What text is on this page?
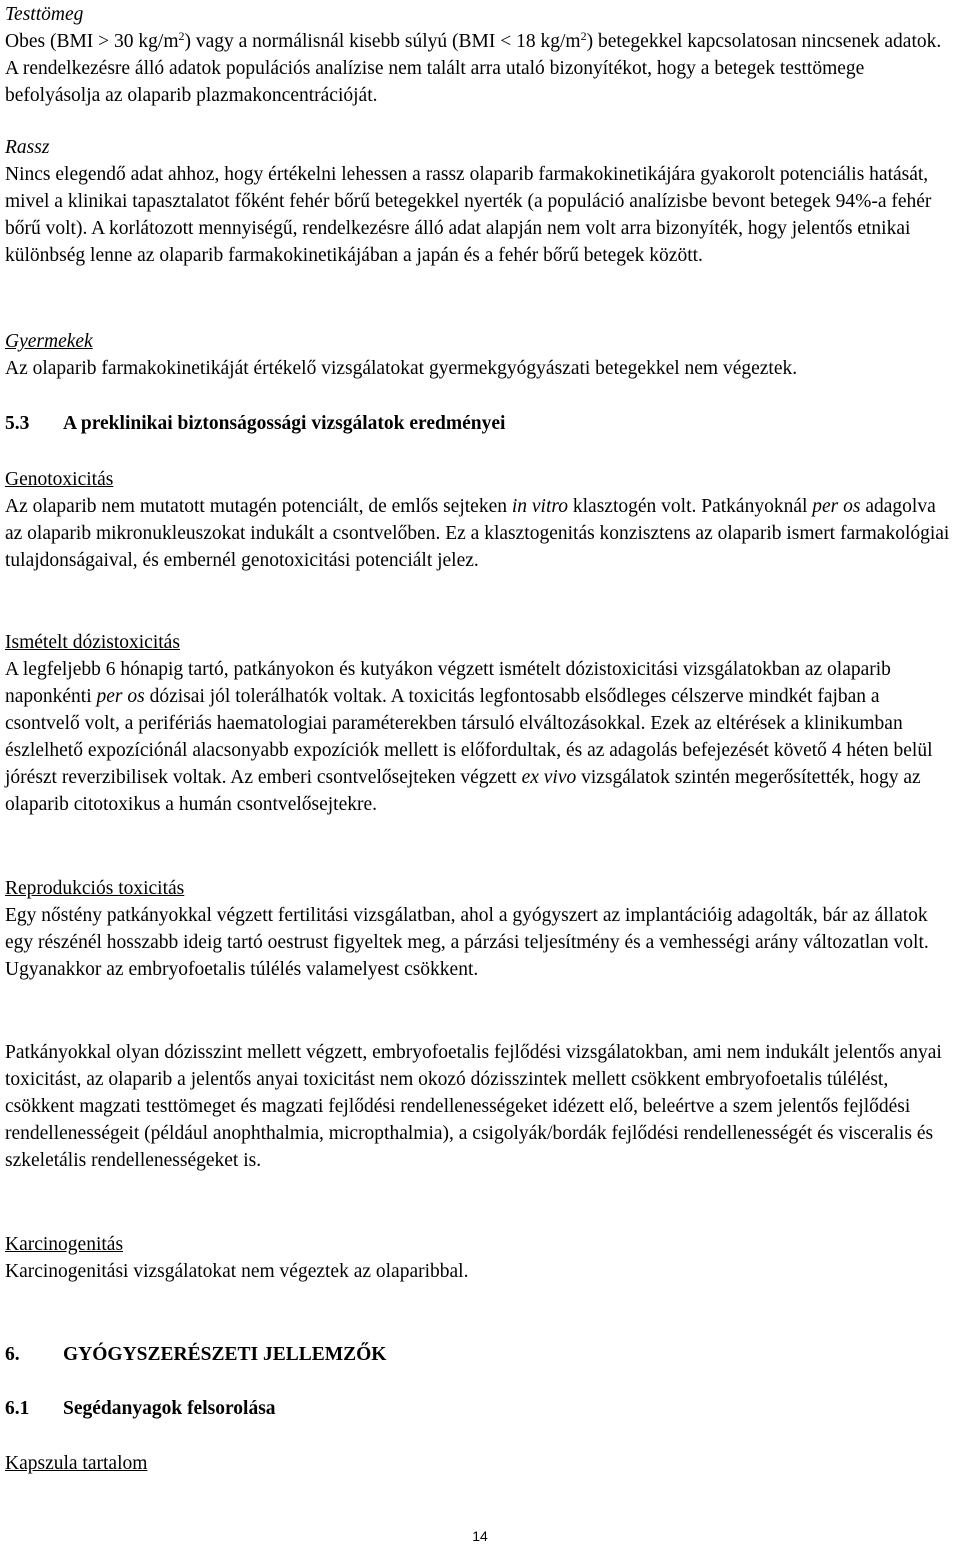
Testtömeg
Obes (BMI > 30 $kg/m^2$) vagy a normálisnál kisebb súlyú (BMI < 18 $kg/m^2$) betegekkel kapcsolatosan nincsenek adatok. A rendelkezésre álló adatok populációs analízise nem talált arra utaló bizonyítékot, hogy a betegek testtömege befolyásolja az olaparib plazmakoncentrációját.
Rassz
Nincs elegendő adat ahhoz, hogy értékelni lehessen a rassz olaparib farmakokinetikájára gyakorolt potenciális hatását, mivel a klinikai tapasztalatot főként fehér bőrű betegekkel nyerték (a populáció analízisbe bevont betegek 94%-a fehér bőrű volt). A korlátozott mennyiségű, rendelkezésre álló adat alapján nem volt arra bizonyíték, hogy jelentős etnikai különbség lenne az olaparib farmakokinetikájában a japán és a fehér bőrű betegek között.
Gyermekek
Az olaparib farmakokinetikáját értékelő vizsgálatokat gyermekgyógyászati betegekkel nem végeztek.
5.3 A preklinikai biztonságossági vizsgálatok eredményei
Genotoxicitás
Az olaparib nem mutatott mutagén potenciált, de emlős sejteken in vitro klasztogén volt. Patkányoknál per os adagolva az olaparib mikronukleuszokat indukált a csontvelőben. Ez a klasztogenitás konzisztens az olaparib ismert farmakológiai tulajdonságaival, és embernél genotoxicitási potenciált jelez.
Ismételt dózistoxicitás
A legfeljebb 6 hónapig tartó, patkányokon és kutyákon végzett ismételt dózistoxicitási vizsgálatokban az olaparib naponkénti per os dózisai jól tolerálhatók voltak. A toxicitás legfontosabb elsődleges célszerve mindkét fajban a csontvelő volt, a perifériás haematologiai paraméterekben társuló elváltozásokkal. Ezek az eltérések a klinikumban észlelhető expozíciónál alacsonyabb expozíciók mellett is előfordultak, és az adagolás befejezését követő 4 héten belül jórészt reverzibilisek voltak. Az emberi csontvelősejteken végzett ex vivo vizsgálatok szintén megerősítették, hogy az olaparib citotoxikus a humán csontvelősejtekre.
Reprodukciós toxicitás
Egy nőstény patkányokkal végzett fertilitási vizsgálatban, ahol a gyógyszert az implantációig adagolták, bár az állatok egy részénél hosszabb ideig tartó oestrust figyeltek meg, a párzási teljesítmény és a vemhességi arány változatlan volt. Ugyanakkor az embryofoetalis túlélés valamelyest csökkent.
Patkányokkal olyan dózisszint mellett végzett, embryofoetalis fejlődési vizsgálatokban, ami nem indukált jelentős anyai toxicitást, az olaparib a jelentős anyai toxicitást nem okozó dózisszintek mellett csökkent embryofoetalis túlélést, csökkent magzati testtömeget és magzati fejlődési rendellenességeket idézett elő, beleértve a szem jelentős fejlődési rendellenességeit (például anophthalmia, micropthalmia), a csigolyák/bordák fejlődési rendellenességét és visceralis és szkeletális rendellenességeket is.
Karcinogenitás
Karcinogenitási vizsgálatokat nem végeztek az olaparibbal.
6. GYÓGYSZERÉSZETI JELLEMZŐK
6.1 Segédanyagok felsorolása
Kapszula tartalom
14
